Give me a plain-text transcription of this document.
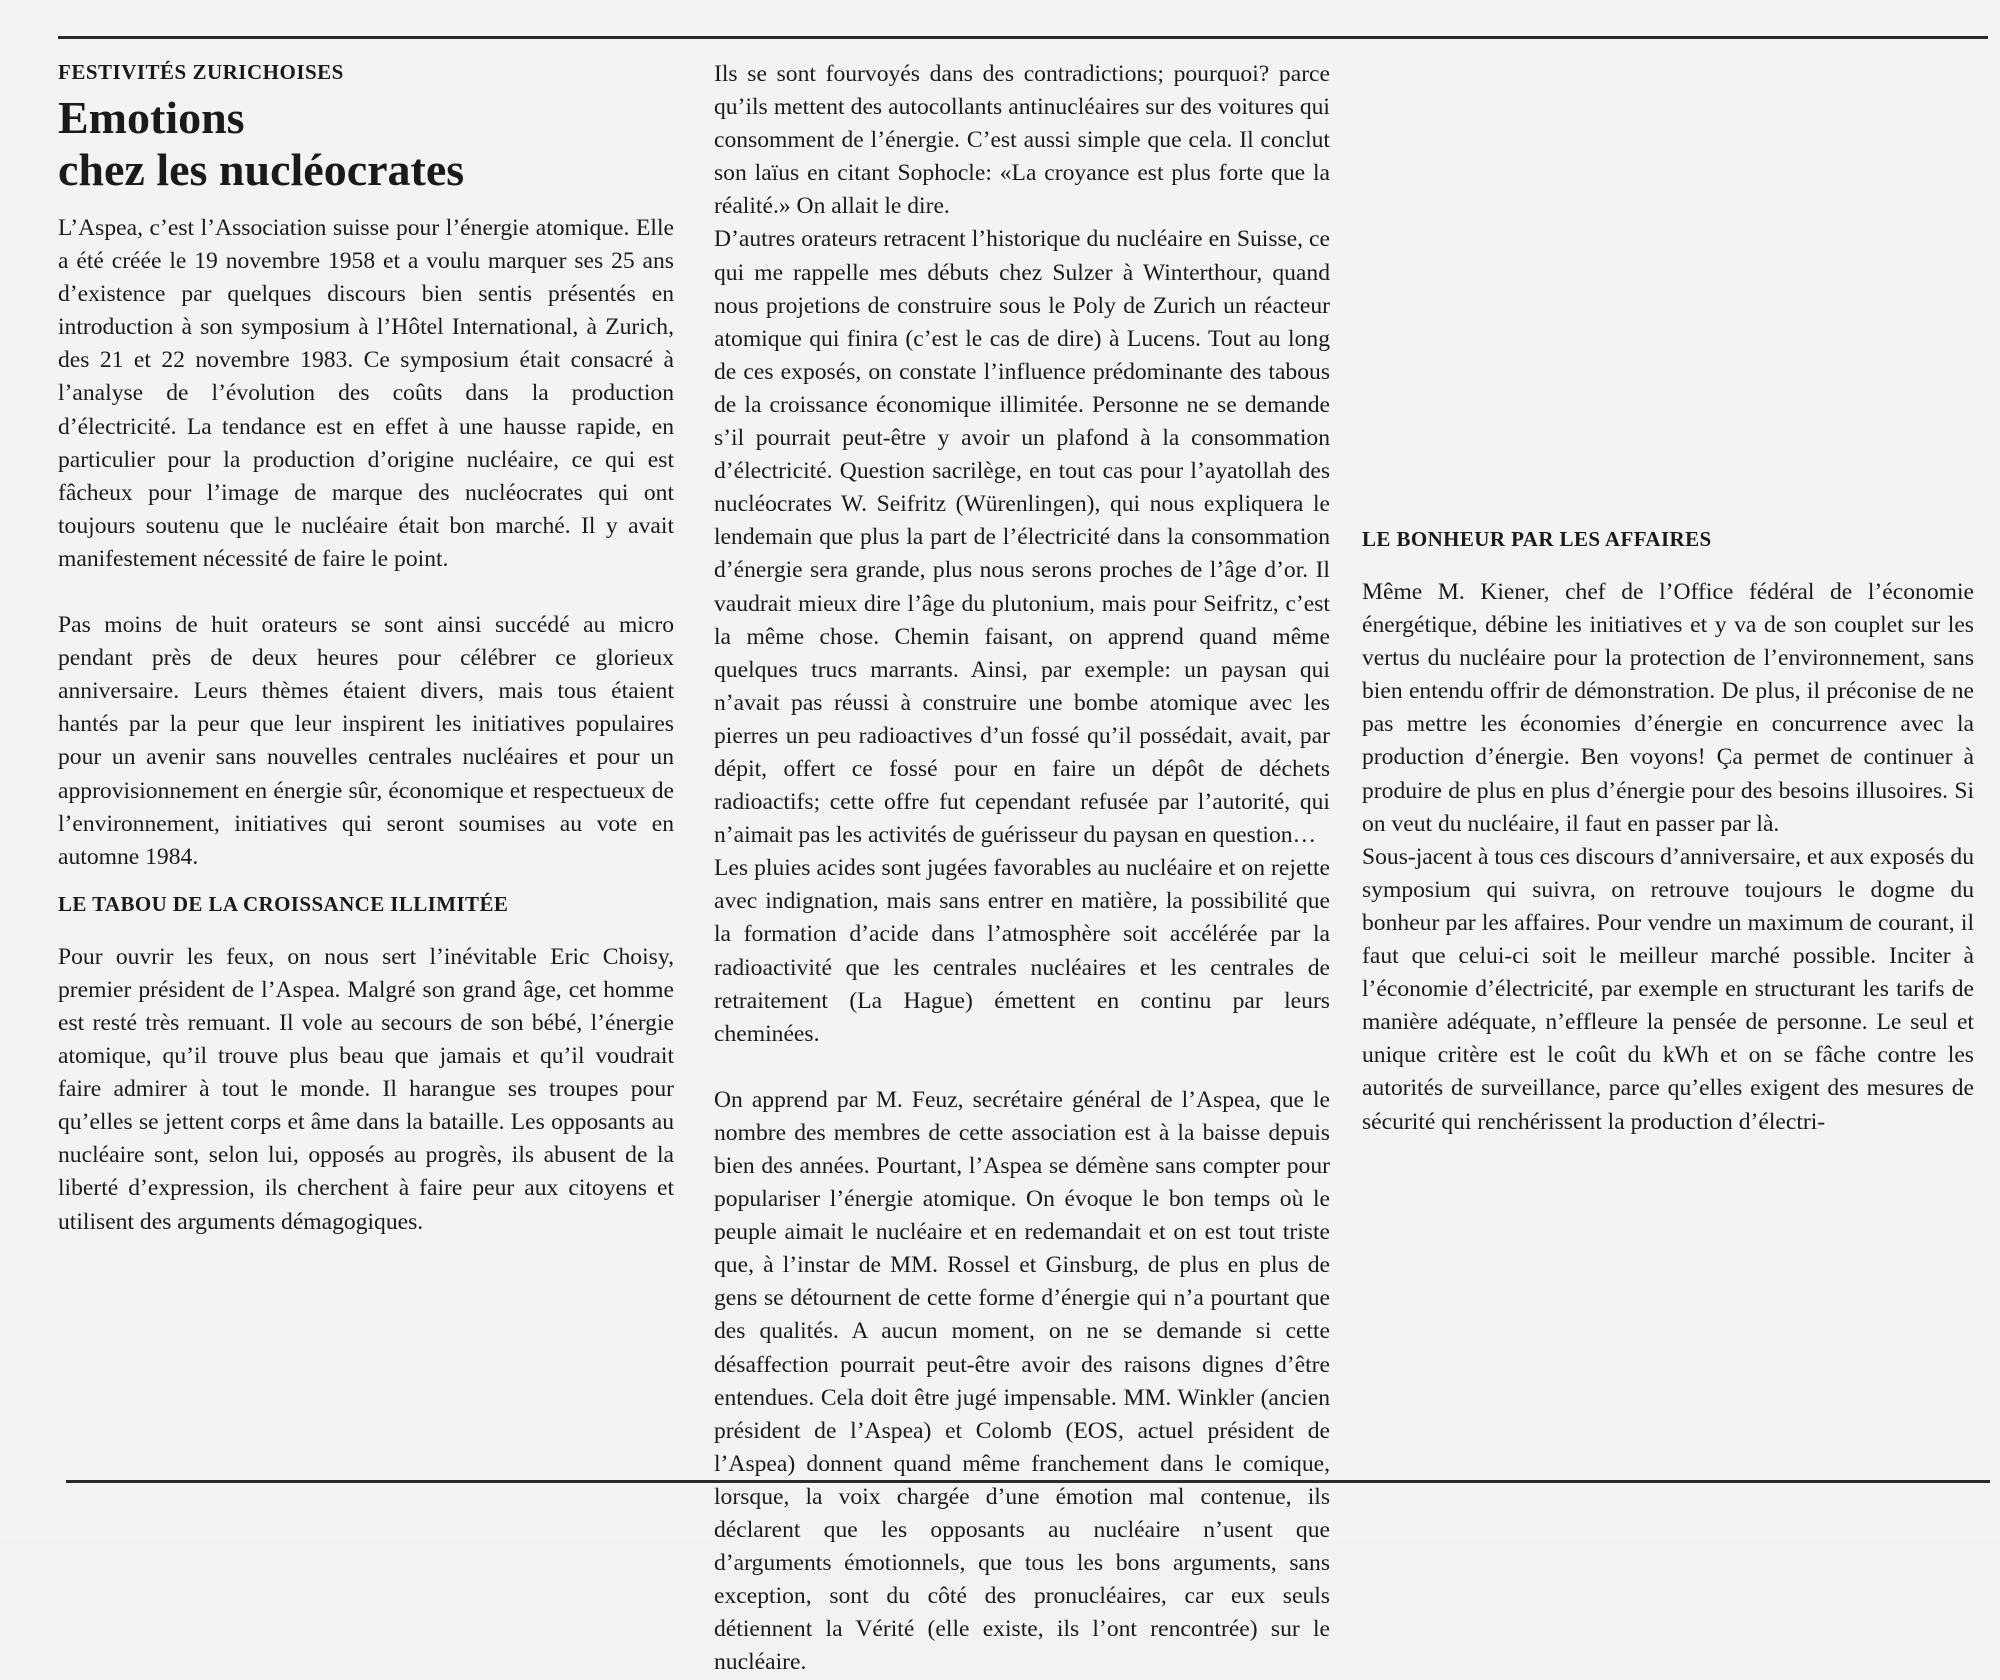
FESTIVITÉS ZURICHOISES
Emotions
chez les nucléocrates

L’Aspea, c’est l’Association suisse pour l’énergie atomique. Elle a été créée le 19 novembre 1958 et a voulu marquer ses 25 ans d’existence par quelques discours bien sentis présentés en introduction à son symposium à l’Hôtel International, à Zurich, des 21 et 22 novembre 1983. Ce symposium était consacré à l’analyse de l’évolution des coûts dans la production d’électricité. La tendance est en effet à une hausse rapide, en particulier pour la production d’origine nucléaire, ce qui est fâcheux pour l’image de marque des nucléocrates qui ont toujours soutenu que le nucléaire était bon marché. Il y avait manifestement nécessité de faire le point.

Pas moins de huit orateurs se sont ainsi succédé au micro pendant près de deux heures pour célébrer ce glorieux anniversaire. Leurs thèmes étaient divers, mais tous étaient hantés par la peur que leur inspirent les initiatives populaires pour un avenir sans nouvelles centrales nucléaires et pour un approvisionnement en énergie sûr, économique et respectueux de l’environnement, initiatives qui seront soumises au vote en automne 1984.

LE TABOU DE LA CROISSANCE ILLIMITÉE

Pour ouvrir les feux, on nous sert l’inévitable Eric Choisy, premier président de l’Aspea. Malgré son grand âge, cet homme est resté très remuant. Il vole au secours de son bébé, l’énergie atomique, qu’il trouve plus beau que jamais et qu’il voudrait faire admirer à tout le monde. Il harangue ses troupes pour qu’elles se jettent corps et âme dans la bataille. Les opposants au nucléaire sont, selon lui, opposés au progrès, ils abusent de la liberté d’expression, ils cherchent à faire peur aux citoyens et utilisent des arguments démagogiques.

Ils se sont fourvoyés dans des contradictions; pourquoi? parce qu’ils mettent des autocollants antinucléaires sur des voitures qui consomment de l’énergie. C’est aussi simple que cela. Il conclut son laïus en citant Sophocle: «La croyance est plus forte que la réalité.» On allait le dire.

D’autres orateurs retracent l’historique du nucléaire en Suisse, ce qui me rappelle mes débuts chez Sulzer à Winterthour, quand nous projetions de construire sous le Poly de Zurich un réacteur atomique qui finira (c’est le cas de dire) à Lucens. Tout au long de ces exposés, on constate l’influence prédominante des tabous de la croissance économique illimitée. Personne ne se demande s’il pourrait peut-être y avoir un plafond à la consommation d’électricité. Question sacrilège, en tout cas pour l’ayatollah des nucléocrates W. Seifritz (Würenlingen), qui nous expliquera le lendemain que plus la part de l’électricité dans la consommation d’énergie sera grande, plus nous serons proches de l’âge d’or. Il vaudrait mieux dire l’âge du plutonium, mais pour Seifritz, c’est la même chose. Chemin faisant, on apprend quand même quelques trucs marrants. Ainsi, par exemple: un paysan qui n’avait pas réussi à construire une bombe atomique avec les pierres un peu radioactives d’un fossé qu’il possédait, avait, par dépit, offert ce fossé pour en faire un dépôt de déchets radioactifs; cette offre fut cependant refusée par l’autorité, qui n’aimait pas les activités de guérisseur du paysan en question…

Les pluies acides sont jugées favorables au nucléaire et on rejette avec indignation, mais sans entrer en matière, la possibilité que la formation d’acide dans l’atmosphère soit accélérée par la radioactivité que les centrales nucléaires et les centrales de retraitement (La Hague) émettent en continu par leurs cheminées.

On apprend par M. Feuz, secrétaire général de l’Aspea, que le nombre des membres de cette association est à la baisse depuis bien des années. Pourtant, l’Aspea se démène sans compter pour populariser l’énergie atomique. On évoque le bon temps où le peuple aimait le nucléaire et en redemandait et on est tout triste que, à l’instar de MM. Rossel et Ginsburg, de plus en plus de gens se détournent de cette forme d’énergie qui n’a pourtant que des qualités. A aucun moment, on ne se demande si cette désaffection pourrait peut-être avoir des raisons dignes d’être entendues. Cela doit être jugé impensable. MM. Winkler (ancien président de l’Aspea) et Colomb (EOS, actuel président de l’Aspea) donnent quand même franchement dans le comique, lorsque, la voix chargée d’une émotion mal contenue, ils déclarent que les opposants au nucléaire n’usent que d’arguments émotionnels, que tous les bons arguments, sans exception, sont du côté des pronucléaires, car eux seuls détiennent la Vérité (elle existe, ils l’ont rencontrée) sur le nucléaire.

LE BONHEUR PAR LES AFFAIRES

Même M. Kiener, chef de l’Office fédéral de l’économie énergétique, débine les initiatives et y va de son couplet sur les vertus du nucléaire pour la protection de l’environnement, sans bien entendu offrir de démonstration. De plus, il préconise de ne pas mettre les économies d’énergie en concurrence avec la production d’énergie. Ben voyons! Ça permet de continuer à produire de plus en plus d’énergie pour des besoins illusoires. Si on veut du nucléaire, il faut en passer par là.

Sous-jacent à tous ces discours d’anniversaire, et aux exposés du symposium qui suivra, on retrouve toujours le dogme du bonheur par les affaires. Pour vendre un maximum de courant, il faut que celui-ci soit le meilleur marché possible. Inciter à l’économie d’électricité, par exemple en structurant les tarifs de manière adéquate, n’effleure la pensée de personne. Le seul et unique critère est le coût du kWh et on se fâche contre les autorités de surveillance, parce qu’elles exigent des mesures de sécurité qui renchérissent la production d’électri-
